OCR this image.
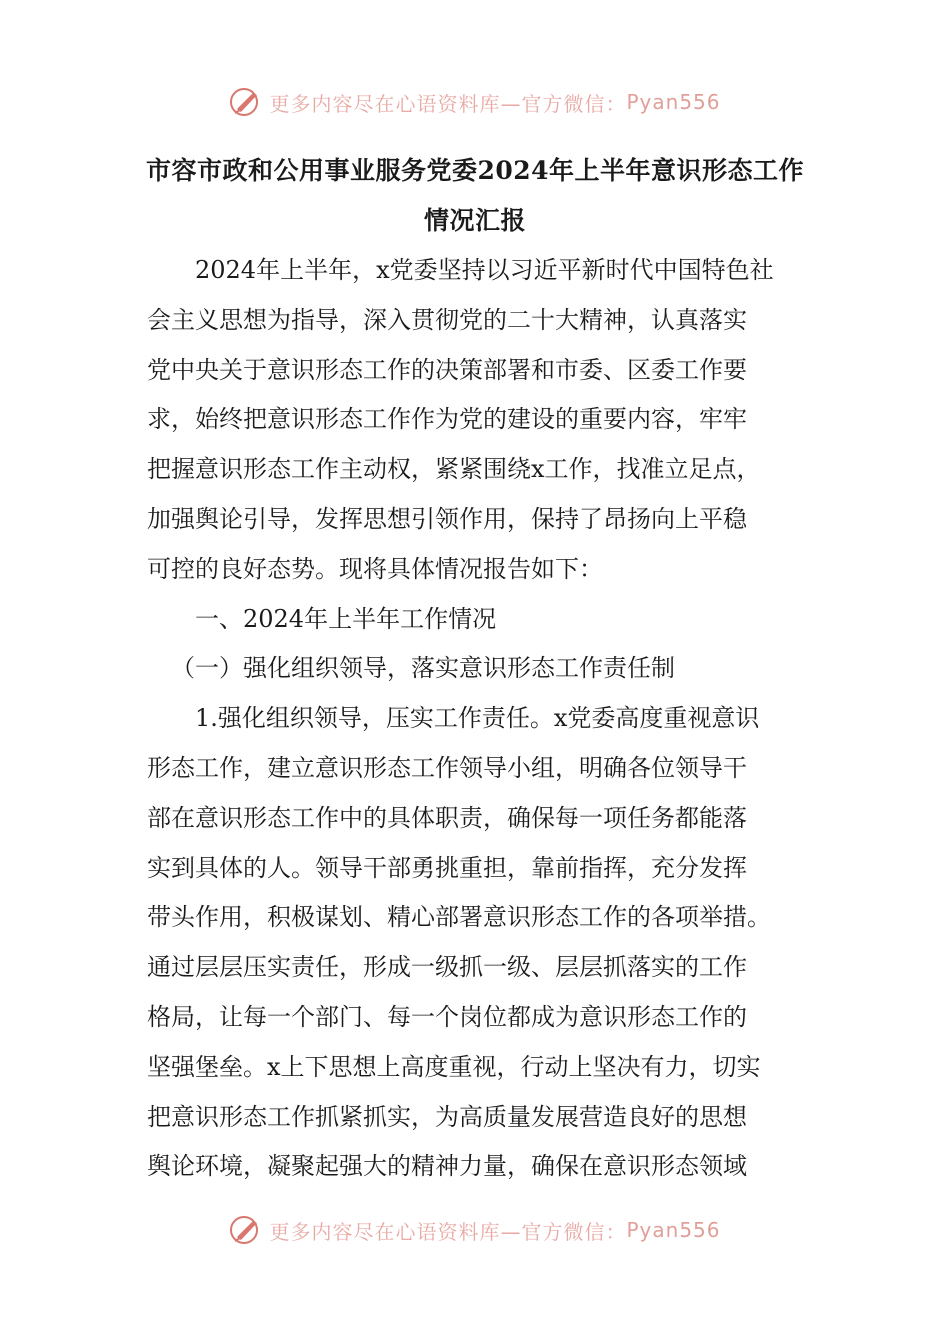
更多内容尽在心语资料库—官方微信： Pyan556
市容市政和公用事业服务党委2024年上半年意识形态工作
情况汇报
2024年上半年，x党委坚持以习近平新时代中国特色社
会主义思想为指导，深入贯彻党的二十大精神，认真落实
党中央关于意识形态工作的决策部署和市委、区委工作要
求，始终把意识形态工作作为党的建设的重要内容，牢牢
把握意识形态工作主动权，紧紧围绕x工作，找准立足点，
加强舆论引导，发挥思想引领作用，保持了昂扬向上平稳
可控的良好态势。现将具体情况报告如下：
一、2024年上半年工作情况
（一）强化组织领导，落实意识形态工作责任制
1.强化组织领导，压实工作责任。x党委高度重视意识
形态工作，建立意识形态工作领导小组，明确各位领导干
部在意识形态工作中的具体职责，确保每一项任务都能落
实到具体的人。领导干部勇挑重担，靠前指挥，充分发挥
带头作用，积极谋划、精心部署意识形态工作的各项举措。
通过层层压实责任，形成一级抓一级、层层抓落实的工作
格局，让每一个部门、每一个岗位都成为意识形态工作的
坚强堡垒。x上下思想上高度重视，行动上坚决有力，切实
把意识形态工作抓紧抓实，为高质量发展营造良好的思想
舆论环境，凝聚起强大的精神力量，确保在意识形态领域
更多内容尽在心语资料库—官方微信： Pyan556
